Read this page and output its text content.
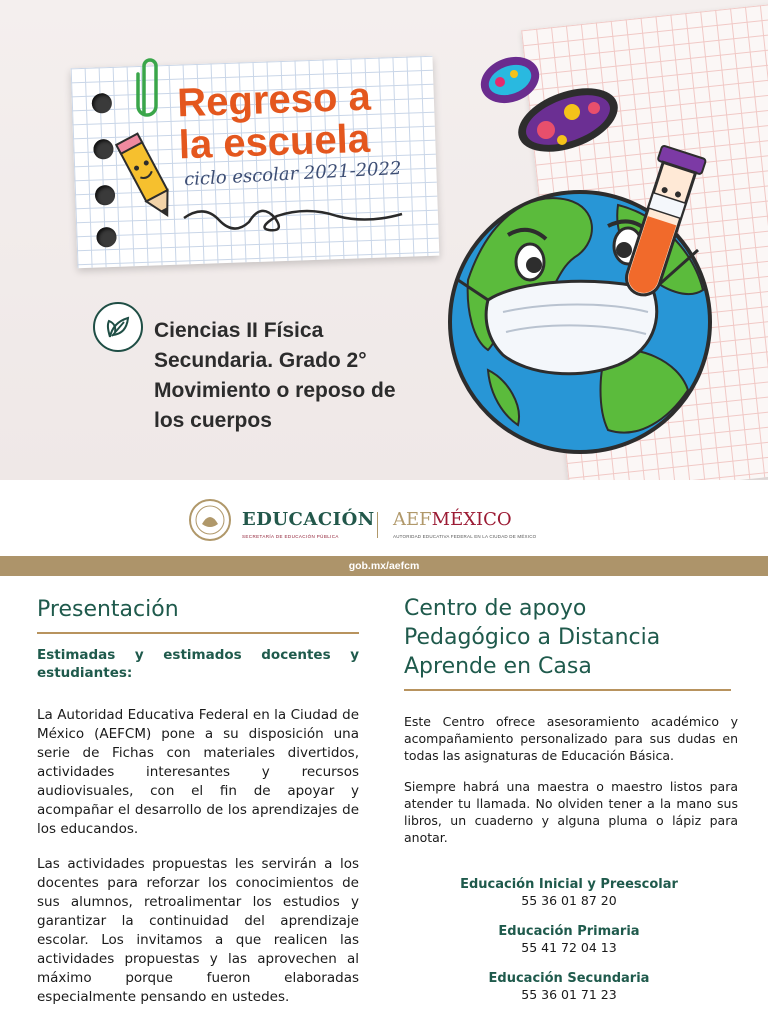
Regreso a
la escuela
ciclo escolar 2021-2022
Ciencias II Física
Secundaria. Grado 2°
Movimiento o reposo de
los cuerpos
EDUCACIÓN
SECRETARÍA DE EDUCACIÓN PÚBLICA
AEFMÉXICO
AUTORIDAD EDUCATIVA FEDERAL EN LA CIUDAD DE MÉXICO
gob.mx/aefcm
Presentación
Estimadas y estimados docentes y estudiantes:
La Autoridad Educativa Federal en la Ciudad de México (AEFCM) pone a su disposición una serie de Fichas con materiales divertidos, actividades interesantes y recursos audiovisuales, con el fin de apoyar y acompañar el desarrollo de los aprendizajes de los educandos.
Las actividades propuestas les servirán a los docentes para reforzar los conocimientos de sus alumnos, retroalimentar los estudios y garantizar la continuidad del aprendizaje escolar. Los invitamos a que realicen las actividades propuestas y las aprovechen al máximo porque fueron elaboradas especialmente pensando en ustedes.
Centro de apoyo
Pedagógico a Distancia
Aprende en Casa
Este Centro ofrece asesoramiento académico y acompañamiento personalizado para sus dudas en todas las asignaturas de Educación Básica.
Siempre habrá una maestra o maestro listos para atender tu llamada. No olviden tener a la mano sus libros, un cuaderno y alguna pluma o lápiz para anotar.
Educación Inicial y Preescolar
55 36 01 87 20
Educación Primaria
55 41 72 04 13
Educación Secundaria
55 36 01 71 23
